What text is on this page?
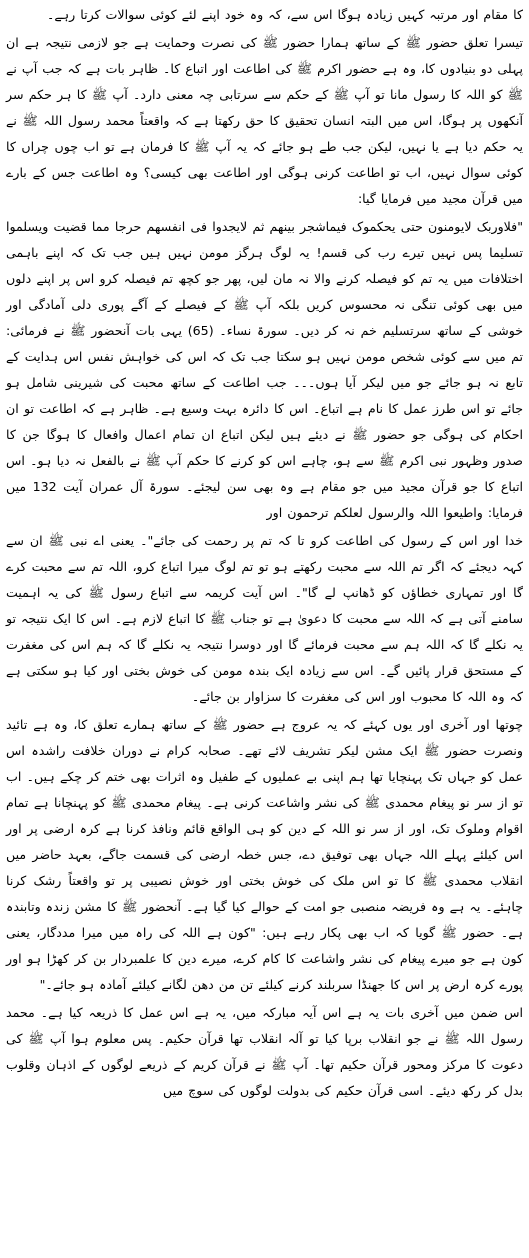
کا مقام اور مرتبہ کہیں زیادہ ہوگا اس سے، کہ وہ خود اپنے لئے کوئی سوالات کرتا رہے۔

تیسرا تعلق حضور ﷺ کے ساتھ ہمارا حضور ﷺ کی نصرت وحمایت ہے جو لازمی نتیجہ ہے ان پہلی دو بنیادوں کا، وہ ہے حضور اکرم ﷺ کی اطاعت اور اتباع کا۔ ظاہر بات ہے کہ جب آپ نے ﷺ کو اللہ کا رسول مانا تو آپ ﷺ کے حکم سے سرتابی چہ معنی دارد۔ آپ ﷺ کا ہر حکم سر آنکھوں پر ہوگا، اس میں البتہ انسان تحقیق کا حق رکھتا ہے کہ واقعتاً محمد رسول اللہ ﷺ نے یہ حکم دیا ہے یا نہیں، لیکن جب طے ہو جائے کہ یہ آپ ﷺ کا فرمان ہے تو اب چوں چراں کا کوئی سوال نہیں، اب تو اطاعت کرنی ہوگی اور اطاعت بھی کیسی؟ وہ اطاعت جس کے بارے میں قرآن مجید میں فرمایا گیا:

"فلاوربک لایومنون حتی یحکموک فیماشجر بینھم ثم لایجدوا فی انفسھم حرجا مما قضیت ویسلموا تسلیما پس نہیں تیرے رب کی قسم! یہ لوگ ہرگز مومن نہیں ہیں جب تک کہ اپنے باہمی اختلافات میں یہ تم کو فیصلہ کرنے والا نہ مان لیں، پھر جو کچھ تم فیصلہ کرو اس پر اپنے دلوں میں بھی کوئی تنگی نہ محسوس کریں بلکہ آپ ﷺ کے فیصلے کے آگے پوری دلی آمادگی اور خوشی کے ساتھ سرتسلیم خم نہ کر دیں۔ سورۃ نساء۔ (65) یہی بات آنحضور ﷺ نے فرمائی: تم میں سے کوئی شخص مومن نہیں ہو سکتا جب تک کہ اس کی خواہش نفس اس ہدایت کے تابع نہ ہو جائے جو میں لیکر آیا ہوں۔۔۔ جب اطاعت کے ساتھ محبت کی شیرینی شامل ہو جائے تو اس طرز عمل کا نام ہے اتباع۔ اس کا دائرہ بہت وسیع ہے۔ ظاہر ہے کہ اطاعت تو ان احکام کی ہوگی جو حضور ﷺ نے دیئے ہیں لیکن اتباع ان تمام اعمال وافعال کا ہوگا جن کا صدور وظہور نبی اکرم ﷺ سے ہو، چاہے اس کو کرنے کا حکم آپ ﷺ نے بالفعل نہ دیا ہو۔ اس اتباع کا جو قرآن مجید میں جو مقام ہے وہ بھی سن لیجئے۔ سورۃ آل عمران آیت 132 میں فرمایا: واطیعوا اللہ والرسول لعلکم ترحمون اور

خدا اور اس کے رسول کی اطاعت کرو تا کہ تم پر رحمت کی جائے"۔ یعنی اے نبی ﷺ ان سے کہہ دیجئے کہ اگر تم اللہ سے محبت رکھتے ہو تو تم لوگ میرا اتباع کرو، اللہ تم سے محبت کرے گا اور تمہاری خطاؤں کو ڈھانپ لے گا"۔ اس آیت کریمہ سے اتباع رسول ﷺ کی یہ اہمیت سامنے آتی ہے کہ اللہ سے محبت کا دعویٰ ہے تو جناب ﷺ کا اتباع لازم ہے۔ اس کا ایک نتیجہ تو یہ نکلے گا کہ اللہ ہم سے محبت فرمائے گا اور دوسرا نتیجہ یہ نکلے گا کہ ہم اس کی مغفرت کے مستحق قرار پائیں گے۔ اس سے زیادہ ایک بندہ مومن کی خوش بختی اور کیا ہو سکتی ہے کہ وہ اللہ کا محبوب اور اس کی مغفرت کا سزاوار بن جائے۔

چوتھا اور آخری اور یوں کہئے کہ یہ عروج ہے حضور ﷺ کے ساتھ ہمارے تعلق کا، وہ ہے تائید ونصرت حضور ﷺ ایک مشن لیکر تشریف لائے تھے۔ صحابہ کرام نے دوران خلافت راشدہ اس عمل کو جہاں تک پہنچایا تھا ہم اپنی بے عملیوں کے طفیل وہ اثرات بھی ختم کر چکے ہیں۔ اب تو از سر نو پیغام محمدی ﷺ کی نشر واشاعت کرنی ہے۔ پیغام محمدی ﷺ کو پہنچانا ہے تمام اقوام وملوک تک، اور از سر نو اللہ کے دین کو ہی الواقع قائم ونافذ کرنا ہے کرہ ارضی پر اور اس کیلئے پہلے اللہ جہاں بھی توفیق دے، جس خطہ ارضی کی قسمت جاگے، بعہد حاضر میں انقلاب محمدی ﷺ کا تو اس ملک کی خوش بختی اور خوش نصیبی پر تو واقعتاً رشک کرنا چاہئے۔ یہ ہے وہ فریضہ منصبی جو امت کے حوالے کیا گیا ہے۔ آنحضور ﷺ کا مشن زندہ وتابندہ ہے۔ حضور ﷺ گویا کہ اب بھی پکار رہے ہیں: "کون ہے اللہ کی راہ میں میرا مددگار، یعنی کون ہے جو میرے پیغام کی نشر واشاعت کا کام کرے، میرے دین کا علمبردار بن کر کھڑا ہو اور پورے کرہ ارض پر اس کا جھنڈا سربلند کرنے کیلئے تن من دھن لگانے کیلئے آمادہ ہو جائے۔"

اس ضمن میں آخری بات یہ ہے اس آیہ مبارکہ میں، یہ ہے اس عمل کا ذریعہ کیا ہے۔ محمد رسول اللہ ﷺ نے جو انقلاب برپا کیا تو آلہ انقلاب تھا قرآن حکیم۔ پس معلوم ہوا آپ ﷺ کی دعوت کا مرکز ومحور قرآن حکیم تھا۔ آپ ﷺ نے قرآن کریم کے ذریعے لوگوں کے اذہان وقلوب بدل کر رکھ دیئے۔ اسی قرآن حکیم کی بدولت لوگوں کی سوچ میں
